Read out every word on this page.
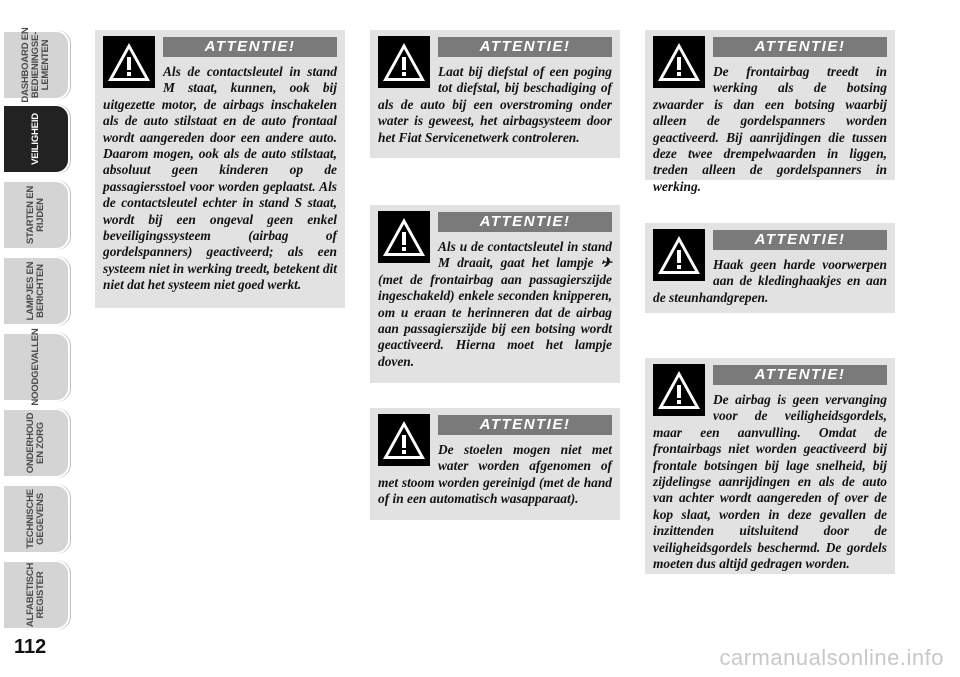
DASHBOARD EN
BEDIENINGSE-
LEMENTEN
VEILIGHEID
STARTEN EN
RIJDEN
LAMPJES EN
BERICHTEN
NOODGEVALLEN
ONDERHOUD
EN ZORG
TECHNISCHE
GEGEVENS
ALFABETISCH
REGISTER
112
ATTENTIE!

Als de contactsleutel in stand M staat, kunnen, ook bij uitgezette motor, de airbags inschakelen als de auto stilstaat en de auto frontaal wordt aangereden door een andere auto. Daarom mogen, ook als de auto stilstaat, absoluut geen kinderen op de passagiersstoel voor worden geplaatst. Als de contactsleutel echter in stand S staat, wordt bij een ongeval geen enkel beveiligingssysteem (airbag of gordelspanners) geactiveerd; als een systeem niet in werking treedt, betekent dit niet dat het systeem niet goed werkt.

ATTENTIE!

Laat bij diefstal of een poging tot diefstal, bij beschadiging of als de auto bij een overstroming onder water is geweest, het airbagsysteem door het Fiat Servicenetwerk controleren.

ATTENTIE!

Als u de contactsleutel in stand M draait, gaat het lampje ✈ (met de frontairbag aan passagierszijde ingeschakeld) enkele seconden knipperen, om u eraan te herinneren dat de airbag aan passagierszijde bij een botsing wordt geactiveerd. Hierna moet het lampje doven.

ATTENTIE!

De stoelen mogen niet met water worden afgenomen of met stoom worden gereinigd (met de hand of in een automatisch wasapparaat).

ATTENTIE!

De frontairbag treedt in werking als de botsing zwaarder is dan een botsing waarbij alleen de gordelspanners worden geactiveerd. Bij aanrijdingen die tussen deze twee drempelwaarden in liggen, treden alleen de gordelspanners in werking.

ATTENTIE!

Haak geen harde voorwerpen aan de kledinghaakjes en aan de steunhandgrepen.

ATTENTIE!

De airbag is geen vervanging voor de veiligheidsgordels, maar een aanvulling. Omdat de frontairbags niet worden geactiveerd bij frontale botsingen bij lage snelheid, bij zijdelingse aanrijdingen en als de auto van achter wordt aangereden of over de kop slaat, worden in deze gevallen de inzittenden uitsluitend door de veiligheidsgordels beschermd. De gordels moeten dus altijd gedragen worden.

carmanualsonline.info
